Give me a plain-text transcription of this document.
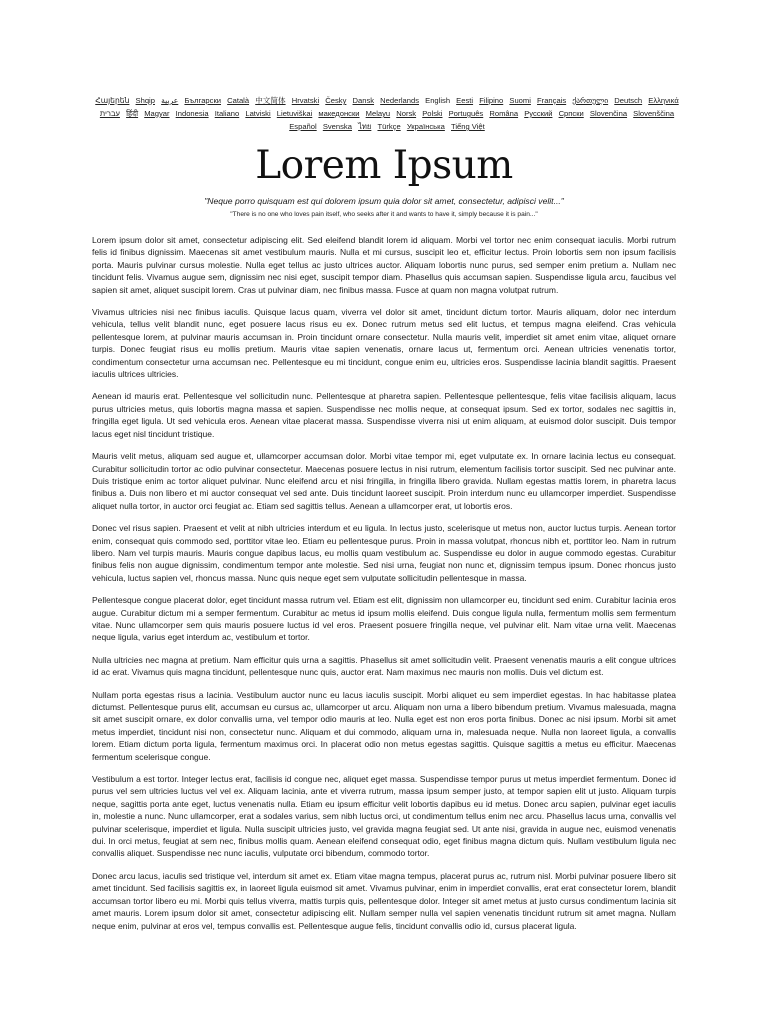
Հայերեն Shqip عربية Български Català 中文简体 Hrvatski Česky Dansk Nederlands English Eesti Filipino Suomi Français ქართული Deutsch Ελληνικά
עברית हिंदी Magyar Indonesia Italiano Latviski Lietuviškai македонски Melayu Norsk Polski Português Româna Pyccкий Српски Slovenčina Slovenščina
Español Svenska ไทย Türkçe Українська Tiếng Việt
Lorem Ipsum
"Neque porro quisquam est qui dolorem ipsum quia dolor sit amet, consectetur, adipisci velit..."
"There is no one who loves pain itself, who seeks after it and wants to have it, simply because it is pain..."

Lorem ipsum dolor sit amet, consectetur adipiscing elit. Sed eleifend blandit lorem id aliquam. Morbi vel tortor nec enim consequat iaculis. Morbi rutrum felis id finibus dignissim. Maecenas sit amet vestibulum mauris. Nulla et mi cursus, suscipit leo et, efficitur lectus. Proin lobortis sem non ipsum facilisis porta. Mauris pulvinar cursus molestie. Nulla eget tellus ac justo ultrices auctor. Aliquam lobortis nunc purus, sed semper enim pretium a. Nullam nec tincidunt felis. Vivamus augue sem, dignissim nec nisi eget, suscipit tempor diam. Phasellus quis accumsan sapien. Suspendisse ligula arcu, faucibus vel sapien sit amet, aliquet suscipit lorem. Cras ut pulvinar diam, nec finibus massa. Fusce at quam non magna volutpat rutrum.

Vivamus ultricies nisi nec finibus iaculis. Quisque lacus quam, viverra vel dolor sit amet, tincidunt dictum tortor. Mauris aliquam, dolor nec interdum vehicula, tellus velit blandit nunc, eget posuere lacus risus eu ex. Donec rutrum metus sed elit luctus, et tempus magna eleifend. Cras vehicula pellentesque lorem, at pulvinar mauris accumsan in. Proin tincidunt ornare consectetur. Nulla mauris velit, imperdiet sit amet enim vitae, aliquet ornare turpis. Donec feugiat risus eu mollis pretium. Mauris vitae sapien venenatis, ornare lacus ut, fermentum orci. Aenean ultricies venenatis tortor, condimentum consectetur urna accumsan nec. Pellentesque eu mi tincidunt, congue enim eu, ultricies eros. Suspendisse lacinia blandit sagittis. Praesent iaculis ultrices ultricies.

Aenean id mauris erat. Pellentesque vel sollicitudin nunc. Pellentesque at pharetra sapien. Pellentesque pellentesque, felis vitae facilisis aliquam, lacus purus ultricies metus, quis lobortis magna massa et sapien. Suspendisse nec mollis neque, at consequat ipsum. Sed ex tortor, sodales nec sagittis in, fringilla eget ligula. Ut sed vehicula eros. Aenean vitae placerat massa. Suspendisse viverra nisi ut enim aliquam, at euismod dolor suscipit. Duis tempor lacus eget nisl tincidunt tristique.

Mauris velit metus, aliquam sed augue et, ullamcorper accumsan dolor. Morbi vitae tempor mi, eget vulputate ex. In ornare lacinia lectus eu consequat. Curabitur sollicitudin tortor ac odio pulvinar consectetur. Maecenas posuere lectus in nisi rutrum, elementum facilisis tortor suscipit. Sed nec pulvinar ante. Duis tristique enim ac tortor aliquet pulvinar. Nunc eleifend arcu et nisi fringilla, in fringilla libero gravida. Nullam egestas mattis lorem, in pharetra lacus finibus a. Duis non libero et mi auctor consequat vel sed ante. Duis tincidunt laoreet suscipit. Proin interdum nunc eu ullamcorper imperdiet. Suspendisse aliquet nulla tortor, in auctor orci feugiat ac. Etiam sed sagittis tellus. Aenean a ullamcorper erat, ut lobortis eros.

Donec vel risus sapien. Praesent et velit at nibh ultricies interdum et eu ligula. In lectus justo, scelerisque ut metus non, auctor luctus turpis. Aenean tortor enim, consequat quis commodo sed, porttitor vitae leo. Etiam eu pellentesque purus. Proin in massa volutpat, rhoncus nibh et, porttitor leo. Nam in rutrum libero. Nam vel turpis mauris. Mauris congue dapibus lacus, eu mollis quam vestibulum ac. Suspendisse eu dolor in augue commodo egestas. Curabitur finibus felis non augue dignissim, condimentum tempor ante molestie. Sed nisi urna, feugiat non nunc et, dignissim tempus ipsum. Donec rhoncus justo vehicula, luctus sapien vel, rhoncus massa. Nunc quis neque eget sem vulputate sollicitudin pellentesque in massa.

Pellentesque congue placerat dolor, eget tincidunt massa rutrum vel. Etiam est elit, dignissim non ullamcorper eu, tincidunt sed enim. Curabitur lacinia eros augue. Curabitur dictum mi a semper fermentum. Curabitur ac metus id ipsum mollis eleifend. Duis congue ligula nulla, fermentum mollis sem fermentum vitae. Nunc ullamcorper sem quis mauris posuere luctus id vel eros. Praesent posuere fringilla neque, vel pulvinar elit. Nam vitae urna velit. Maecenas neque ligula, varius eget interdum ac, vestibulum et tortor.

Nulla ultricies nec magna at pretium. Nam efficitur quis urna a sagittis. Phasellus sit amet sollicitudin velit. Praesent venenatis mauris a elit congue ultrices id ac erat. Vivamus quis magna tincidunt, pellentesque nunc quis, auctor erat. Nam maximus nec mauris non mollis. Duis vel dictum est.

Nullam porta egestas risus a lacinia. Vestibulum auctor nunc eu lacus iaculis suscipit. Morbi aliquet eu sem imperdiet egestas. In hac habitasse platea dictumst. Pellentesque purus elit, accumsan eu cursus ac, ullamcorper ut arcu. Aliquam non urna a libero bibendum pretium. Vivamus malesuada, magna sit amet suscipit ornare, ex dolor convallis urna, vel tempor odio mauris at leo. Nulla eget est non eros porta finibus. Donec ac nisi ipsum. Morbi sit amet metus imperdiet, tincidunt nisi non, consectetur nunc. Aliquam et dui commodo, aliquam urna in, malesuada neque. Nulla non laoreet ligula, a convallis lorem. Etiam dictum porta ligula, fermentum maximus orci. In placerat odio non metus egestas sagittis. Quisque sagittis a metus eu efficitur. Maecenas fermentum scelerisque congue.

Vestibulum a est tortor. Integer lectus erat, facilisis id congue nec, aliquet eget massa. Suspendisse tempor purus ut metus imperdiet fermentum. Donec id purus vel sem ultricies luctus vel vel ex. Aliquam lacinia, ante et viverra rutrum, massa ipsum semper justo, at tempor sapien elit ut justo. Aliquam turpis neque, sagittis porta ante eget, luctus venenatis nulla. Etiam eu ipsum efficitur velit lobortis dapibus eu id metus. Donec arcu sapien, pulvinar eget iaculis in, molestie a nunc. Nunc ullamcorper, erat a sodales varius, sem nibh luctus orci, ut condimentum tellus enim nec arcu. Phasellus lacus urna, convallis vel pulvinar scelerisque, imperdiet et ligula. Nulla suscipit ultricies justo, vel gravida magna feugiat sed. Ut ante nisi, gravida in augue nec, euismod venenatis dui. In orci metus, feugiat at sem nec, finibus mollis quam. Aenean eleifend consequat odio, eget finibus magna dictum quis. Nullam vestibulum ligula nec convallis aliquet. Suspendisse nec nunc iaculis, vulputate orci bibendum, commodo tortor.

Donec arcu lacus, iaculis sed tristique vel, interdum sit amet ex. Etiam vitae magna tempus, placerat purus ac, rutrum nisl. Morbi pulvinar posuere libero sit amet tincidunt. Sed facilisis sagittis ex, in laoreet ligula euismod sit amet. Vivamus pulvinar, enim in imperdiet convallis, erat erat consectetur lorem, blandit accumsan tortor libero eu mi. Morbi quis tellus viverra, mattis turpis quis, pellentesque dolor. Integer sit amet metus at justo cursus condimentum lacinia sit amet mauris. Lorem ipsum dolor sit amet, consectetur adipiscing elit. Nullam semper nulla vel sapien venenatis tincidunt rutrum sit amet magna. Nullam neque enim, pulvinar at eros vel, tempus convallis est. Pellentesque augue felis, tincidunt convallis odio id, cursus placerat ligula.
